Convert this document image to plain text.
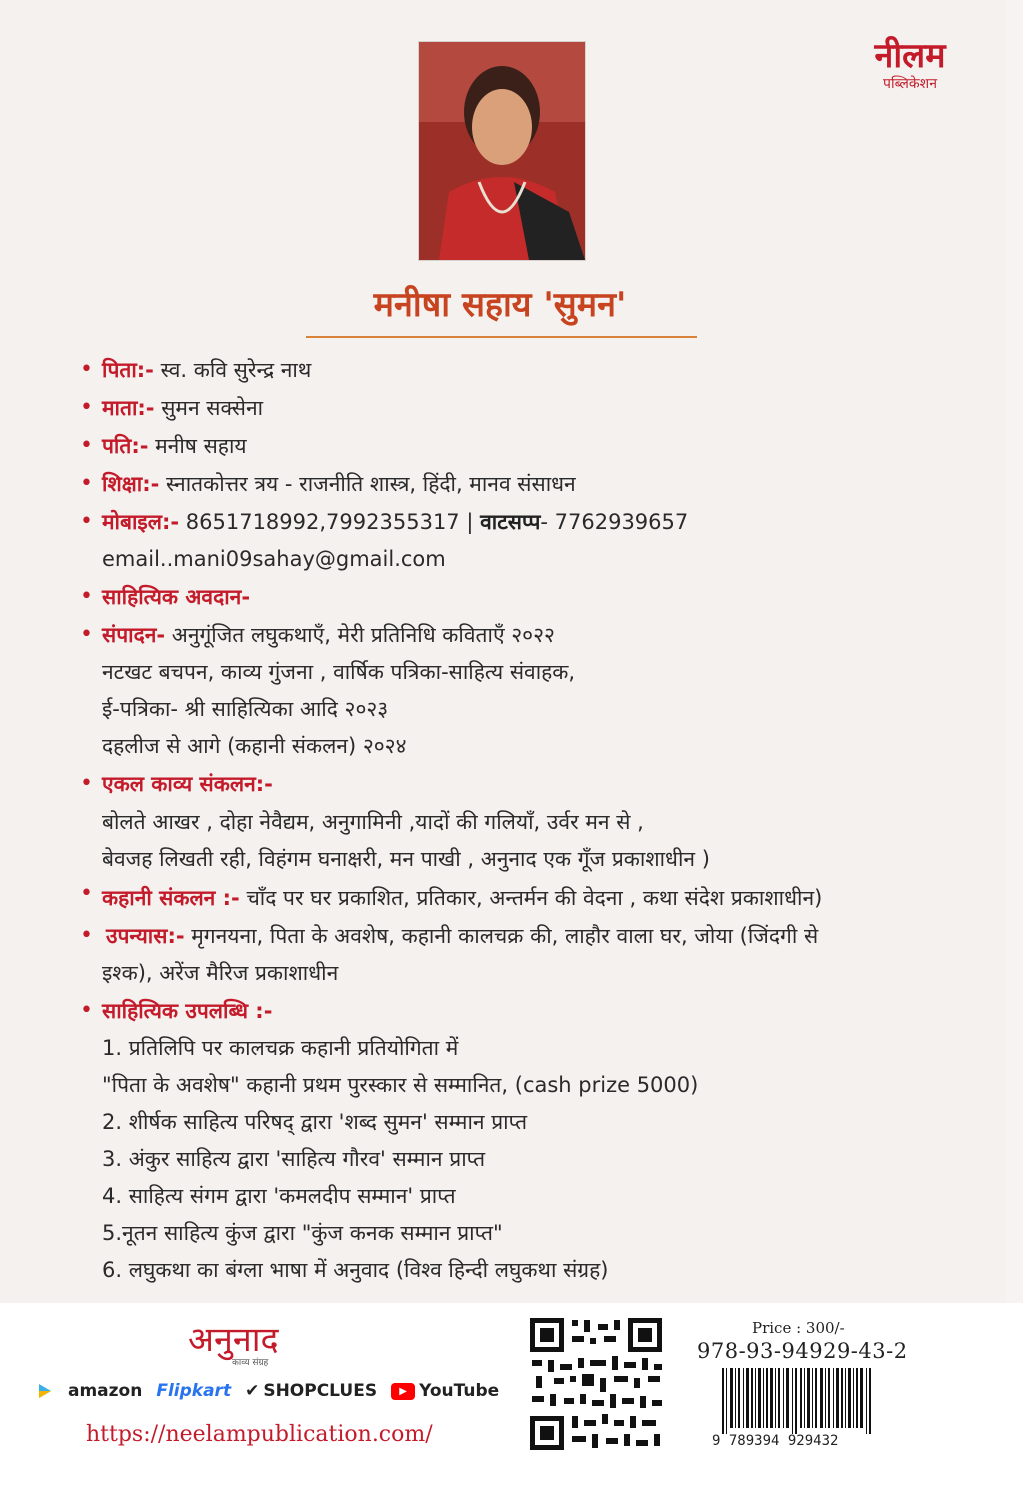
नीलम
पब्लिकेशन
मनीषा सहाय 'सुमन'
• पिता:- स्व. कवि सुरेन्द्र नाथ
• माता:- सुमन सक्सेना
• पति:- मनीष सहाय
• शिक्षा:- स्नातकोत्तर त्रय - राजनीति शास्त्र, हिंदी, मानव संसाधन
• मोबाइल:- 8651718992,7992355317 | वाटसप्प- 7762939657
email..mani09sahay@gmail.com
• साहित्यिक अवदान-
• संपादन- अनुगूंजित लघुकथाएँ, मेरी प्रतिनिधि कविताएँ २०२२
नटखट बचपन, काव्य गुंजना , वार्षिक पत्रिका-साहित्य संवाहक,
ई-पत्रिका- श्री साहित्यिका आदि २०२३
दहलीज से आगे (कहानी संकलन) २०२४
• एकल काव्य संकलन:-
बोलते आखर , दोहा नेवैद्यम, अनुगामिनी ,यादों की गलियाँ, उर्वर मन से ,
बेवजह लिखती रही, विहंगम घनाक्षरी, मन पाखी , अनुनाद एक गूँज प्रकाशाधीन )
• कहानी संकलन :- चाँद पर घर प्रकाशित, प्रतिकार, अन्तर्मन की वेदना , कथा संदेश प्रकाशाधीन)
• उपन्यास:- मृगनयना, पिता के अवशेष, कहानी कालचक्र की, लाहौर वाला घर, जोया (जिंदगी से
इश्क), अरेंज मैरिज प्रकाशाधीन
• साहित्यिक उपलब्धि :-
1. प्रतिलिपि पर कालचक्र कहानी प्रतियोगिता में
"पिता के अवशेष" कहानी प्रथम पुरस्कार से सम्मानित, (cash prize 5000)
2. शीर्षक साहित्य परिषद् द्वारा 'शब्द सुमन' सम्मान प्राप्त
3. अंकुर साहित्य द्वारा 'साहित्य गौरव' सम्मान प्राप्त
4. साहित्य संगम द्वारा 'कमलदीप सम्मान' प्राप्त
5.नूतन साहित्य कुंज द्वारा "कुंज कनक सम्मान प्राप्त"
6. लघुकथा का बंग्ला भाषा में अनुवाद (विश्व हिन्दी लघुकथा संग्रह)
अनुनाद
काव्य संग्रह
amazon Flipkart ✔ SHOPCLUES	▶ YouTube
https://neelampublication.com/
Price : 300/-
978-93-94929-43-2
9 789394 929432
